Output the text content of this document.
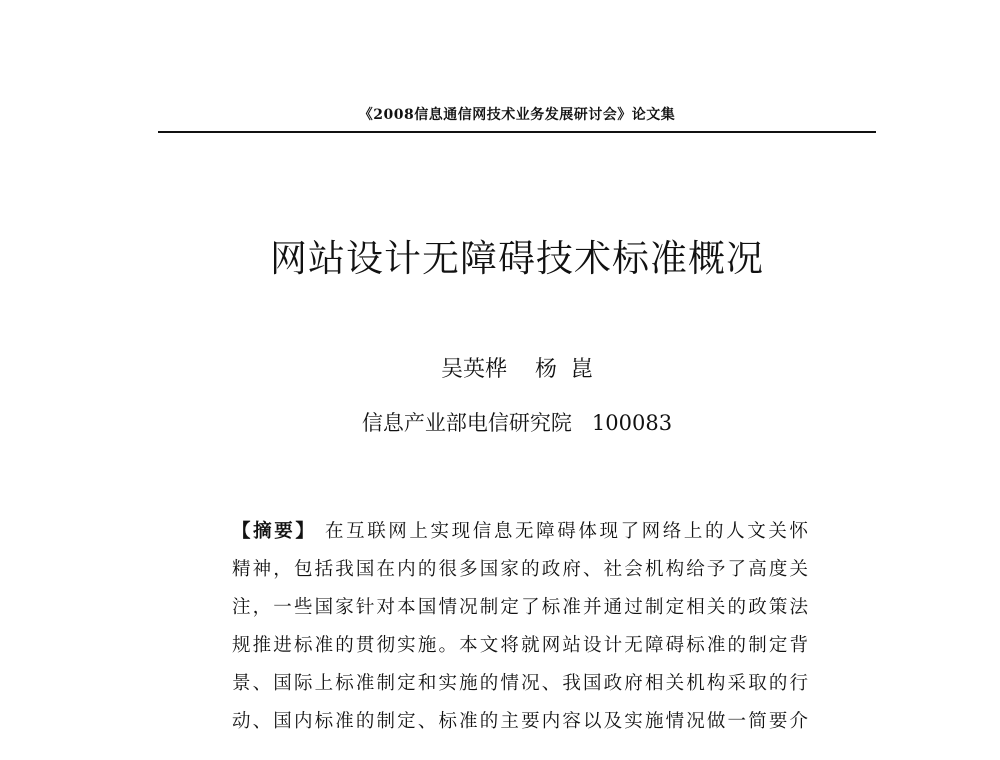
《2008信息通信网技术业务发展研讨会》论文集
网站设计无障碍技术标准概况
吴英桦    杨  崑
信息产业部电信研究院   100083
【摘要】 在互联网上实现信息无障碍体现了网络上的人文关怀
精神，包括我国在内的很多国家的政府、社会机构给予了高度关
注，一些国家针对本国情况制定了标准并通过制定相关的政策法
规推进标准的贯彻实施。本文将就网站设计无障碍标准的制定背
景、国际上标准制定和实施的情况、我国政府相关机构采取的行
动、国内标准的制定、标准的主要内容以及实施情况做一简要介
